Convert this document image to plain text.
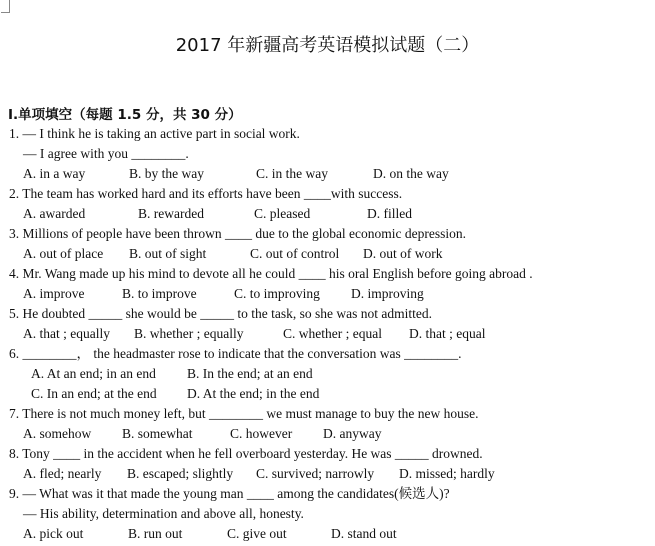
2017 年新疆高考英语模拟试题（二）
I.单项填空（每题 1.5 分，共 30 分）
1. — I think he is taking an active part in social work.
— I agree with you ________.
A. in a way	B. by the way	C. in the way	D. on the way
2. The team has worked hard and its efforts have been ____with success.
A. awarded	B. rewarded	C. pleased	D. filled
3. Millions of people have been thrown ____ due to the global economic depression.
A. out of place B. out of sight	C. out of control D. out of work
4. Mr. Wang made up his mind to devote all he could ____ his oral English before going abroad .
A. improve	B. to improve	C. to improving D. improving
5. He doubted _____ she would be _____ to the task, so she was not admitted.
A. that ; equally B. whether ; equally	C. whether ; equal D. that ; equal
6. ________， the headmaster rose to indicate that the conversation was ________.
A. At an end; in an end B. In the end; at an end
C. In an end; at the end D. At the end; in the end
7. There is not much money left, but ________ we must manage to buy the new house.
A. somehow B. somewhat	C. however D. anyway
8. Tony ____ in the accident when he fell overboard yesterday. He was _____ drowned.
A. fled; nearly B. escaped; slightly C. survived; narrowly D. missed; hardly
9. — What was it that made the young man ____ among the candidates(候选人)?
— His ability, determination and above all, honesty.
A. pick out	B. run out	C. give out	D. stand out
